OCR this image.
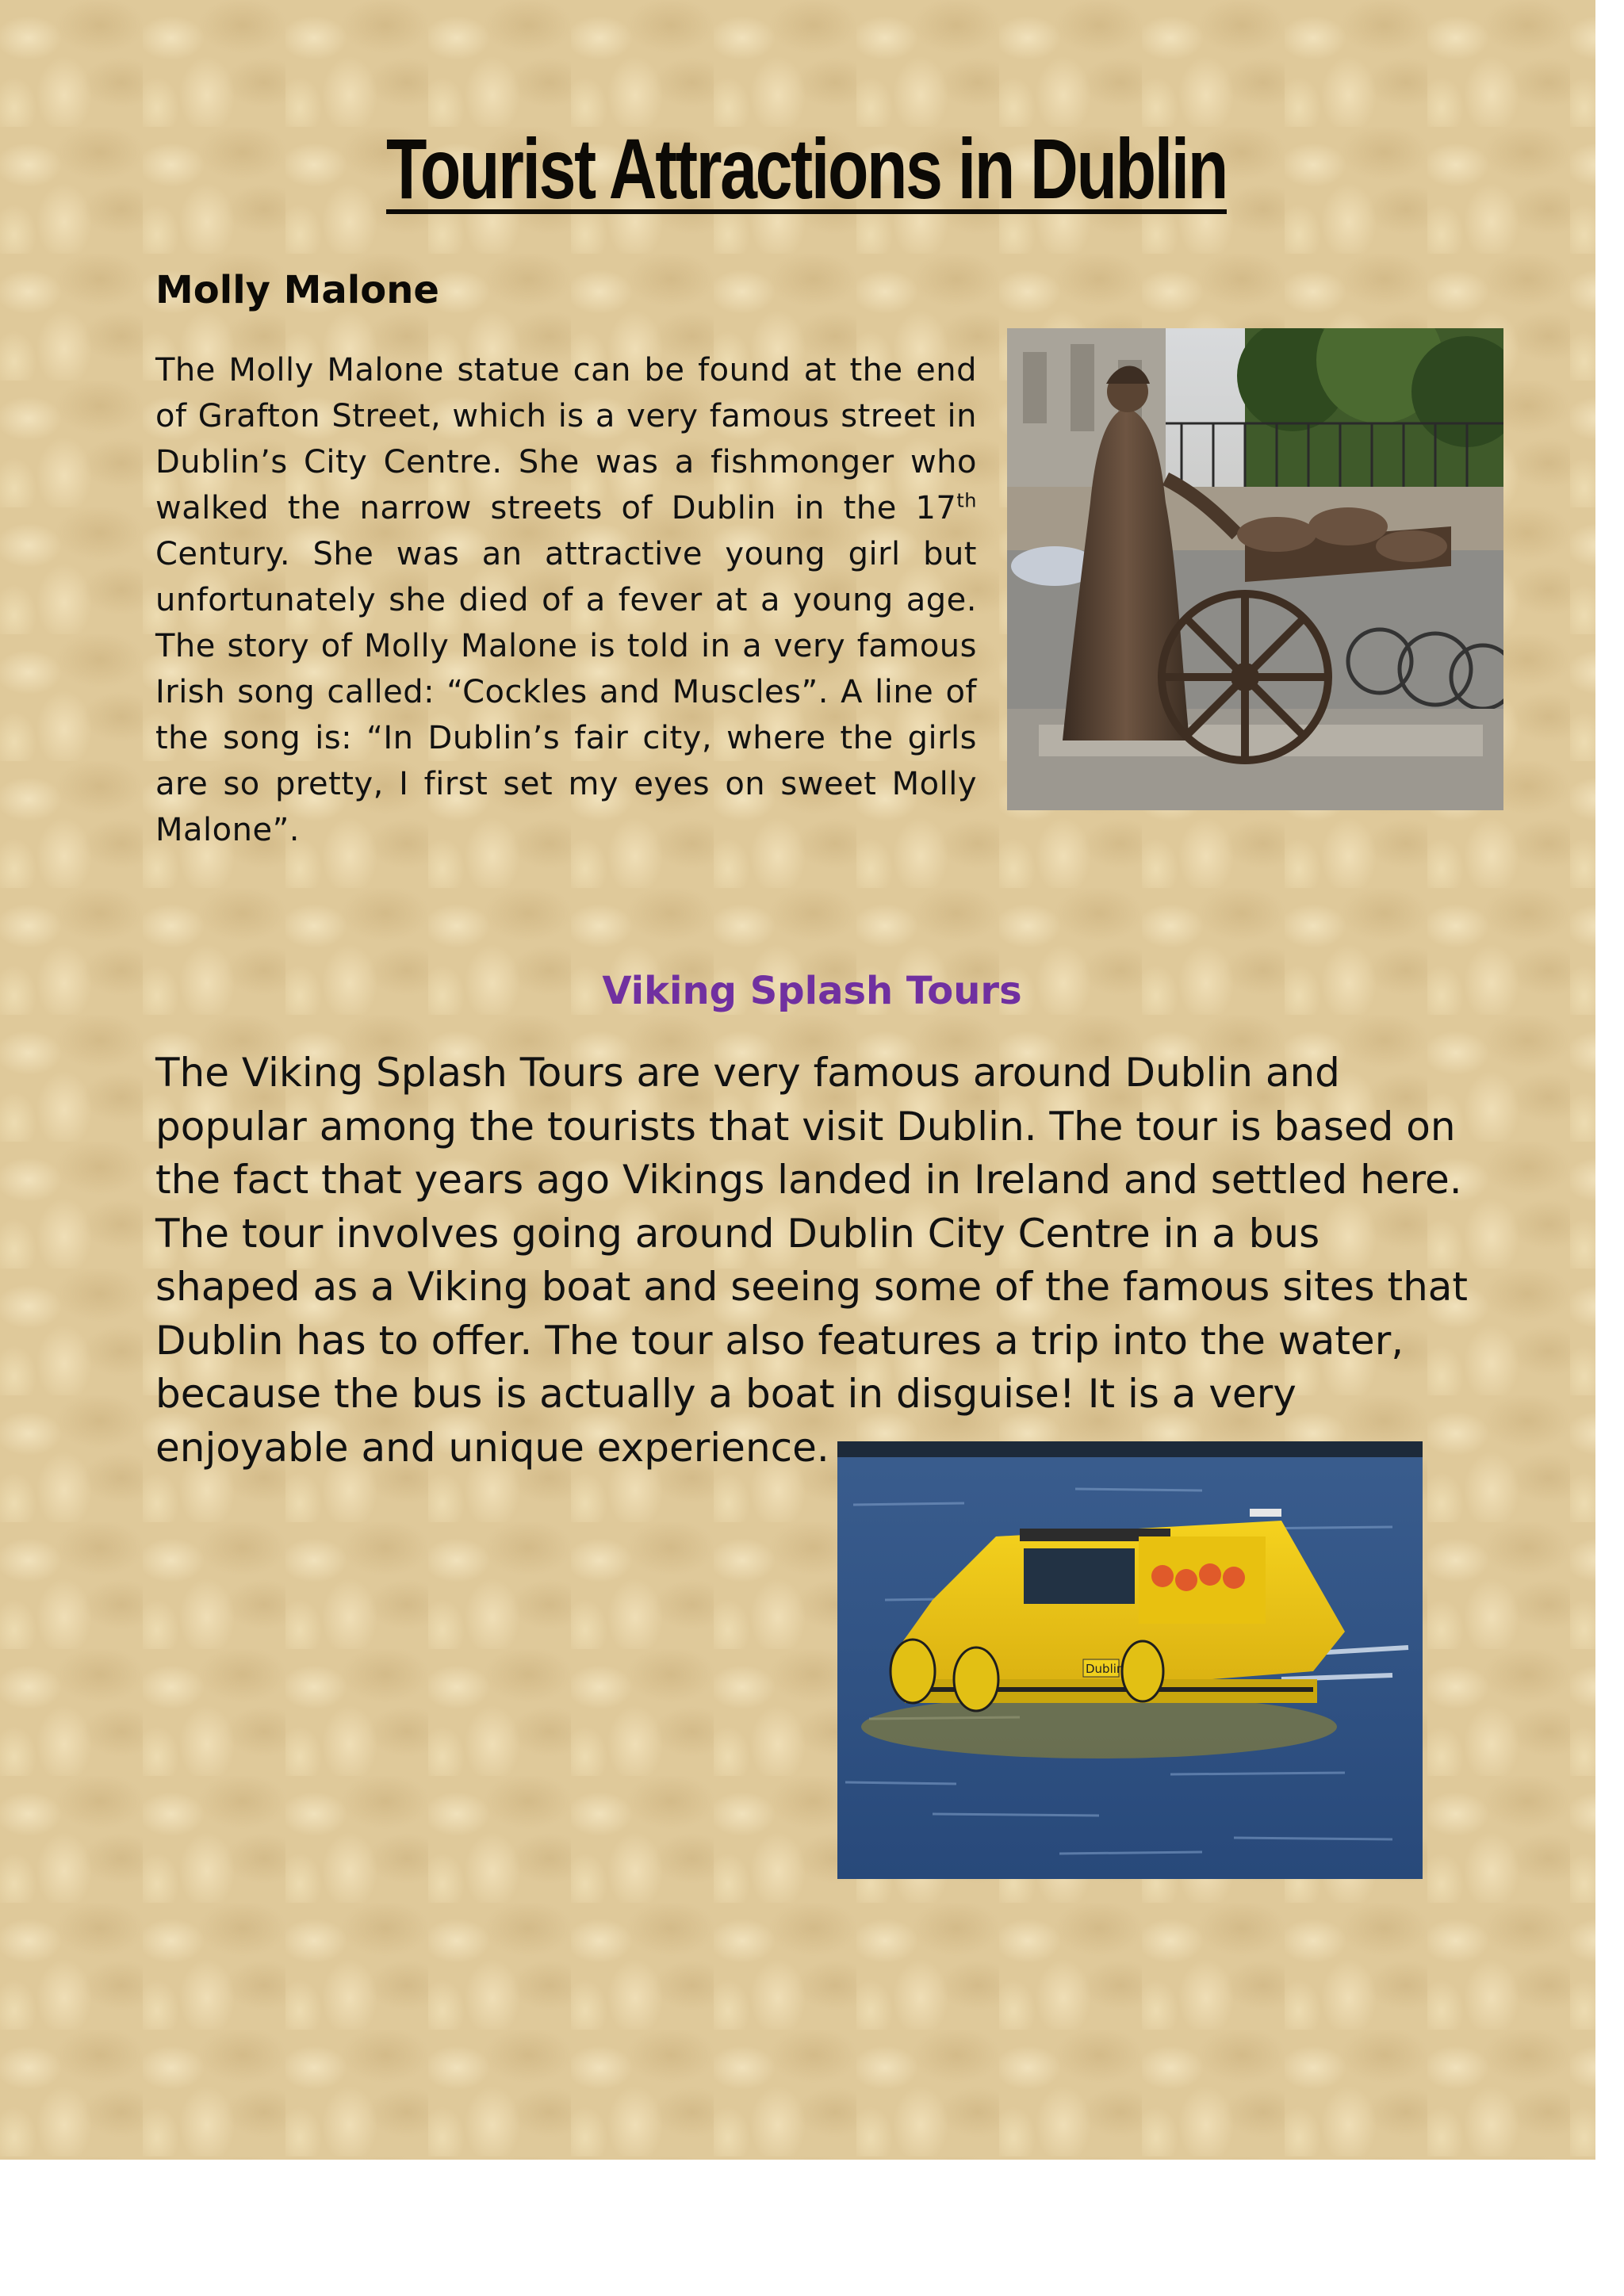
Tourist Attractions in Dublin
Molly Malone

The Molly Malone statue can be found at the end of Grafton Street, which is a very famous street in Dublin’s City Centre. She was a fishmonger who walked the narrow streets of Dublin in the 17th Century. She was an attractive young girl but unfortunately she died of a fever at a young age. The story of Molly Malone is told in a very famous Irish song called: “Cockles and Muscles”. A line of the song is: “In Dublin’s fair city, where the girls are so pretty, I first set my eyes on sweet Molly Malone”.

Viking Splash Tours

The Viking Splash Tours are very famous around Dublin and popular among the tourists that visit Dublin. The tour is based on the fact that years ago Vikings landed in Ireland and settled here. The tour involves going around Dublin City Centre in a bus shaped as a Viking boat and seeing some of the famous sites that Dublin has to offer. The tour also features a trip into the water, because the bus is actually a boat in disguise! It is a very enjoyable and unique experience.

Dublin
